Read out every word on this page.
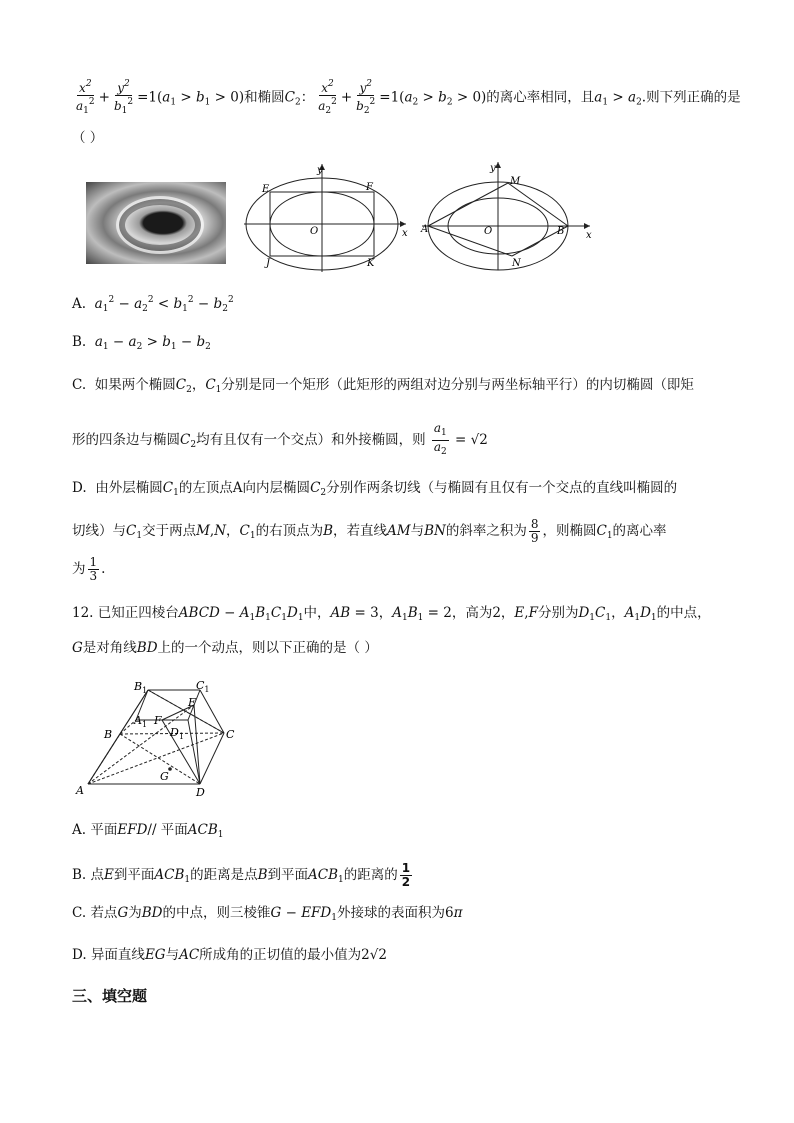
$\frac{x^2}{a_1^2} + \frac{y^2}{b_1^2} =1(a_1 > b_1 > 0)$和椭圆$C_2$： $\frac{x^2}{a_2^2} + \frac{y^2}{b_2^2} =1(a_2 > b_2 > 0)$的离心率相同，且$a_1 > a_2$.则下列正确的是
（ ）
y
x
O
E	F
J	K
y
x
O
M
A	B
N
A. $a_1^2 - a_2^2 < b_1^2 - b_2^2$
B. $a_1 - a_2 > b_1 - b_2$
C. 如果两个椭圆$C_2$，$C_1$分别是同一个矩形（此矩形的两组对边分别与两坐标轴平行）的内切椭圆（即矩
形的四条边与椭圆$C_2$均有且仅有一个交点）和外接椭圆，则 $\frac{a_1}{a_2} = √2$
D. 由外层椭圆$C_1$的左顶点A向内层椭圆$C_2$分别作两条切线（与椭圆有且仅有一个交点的直线叫椭圆的
切线）与$C_1$交于两点M,N，$C_1$的右顶点为B，若直线AM与BN的斜率之积为 $\frac{8}{9}$ ，则椭圆$C_1$的离心率
为 $\frac{1}{3}$ .
12. 已知正四棱台ABCD − $A_1B_1C_1D_1$中，AB = 3，$A_1B_1 = 2$，高为2，E,F分别为$D_1C_1$，$A_1D_1$的中点，
G是对角线BD上的一个动点，则以下正确的是（ ）
$B_1$	$C_1$
E
$A_1$ F
$D_1$
B	C
G
A	D
A. 平面EFD// 平面$ACB_1$
B. 点E到平面$ACB_1$的距离是点B到平面$ACB_1$的距离的 $\frac{1}{2}$
C. 若点G为BD的中点，则三棱锥$G - EFD_1$外接球的表面积为6π
D. 异面直线EG与AC所成角的正切值的最小值为2√2
三、填空题
